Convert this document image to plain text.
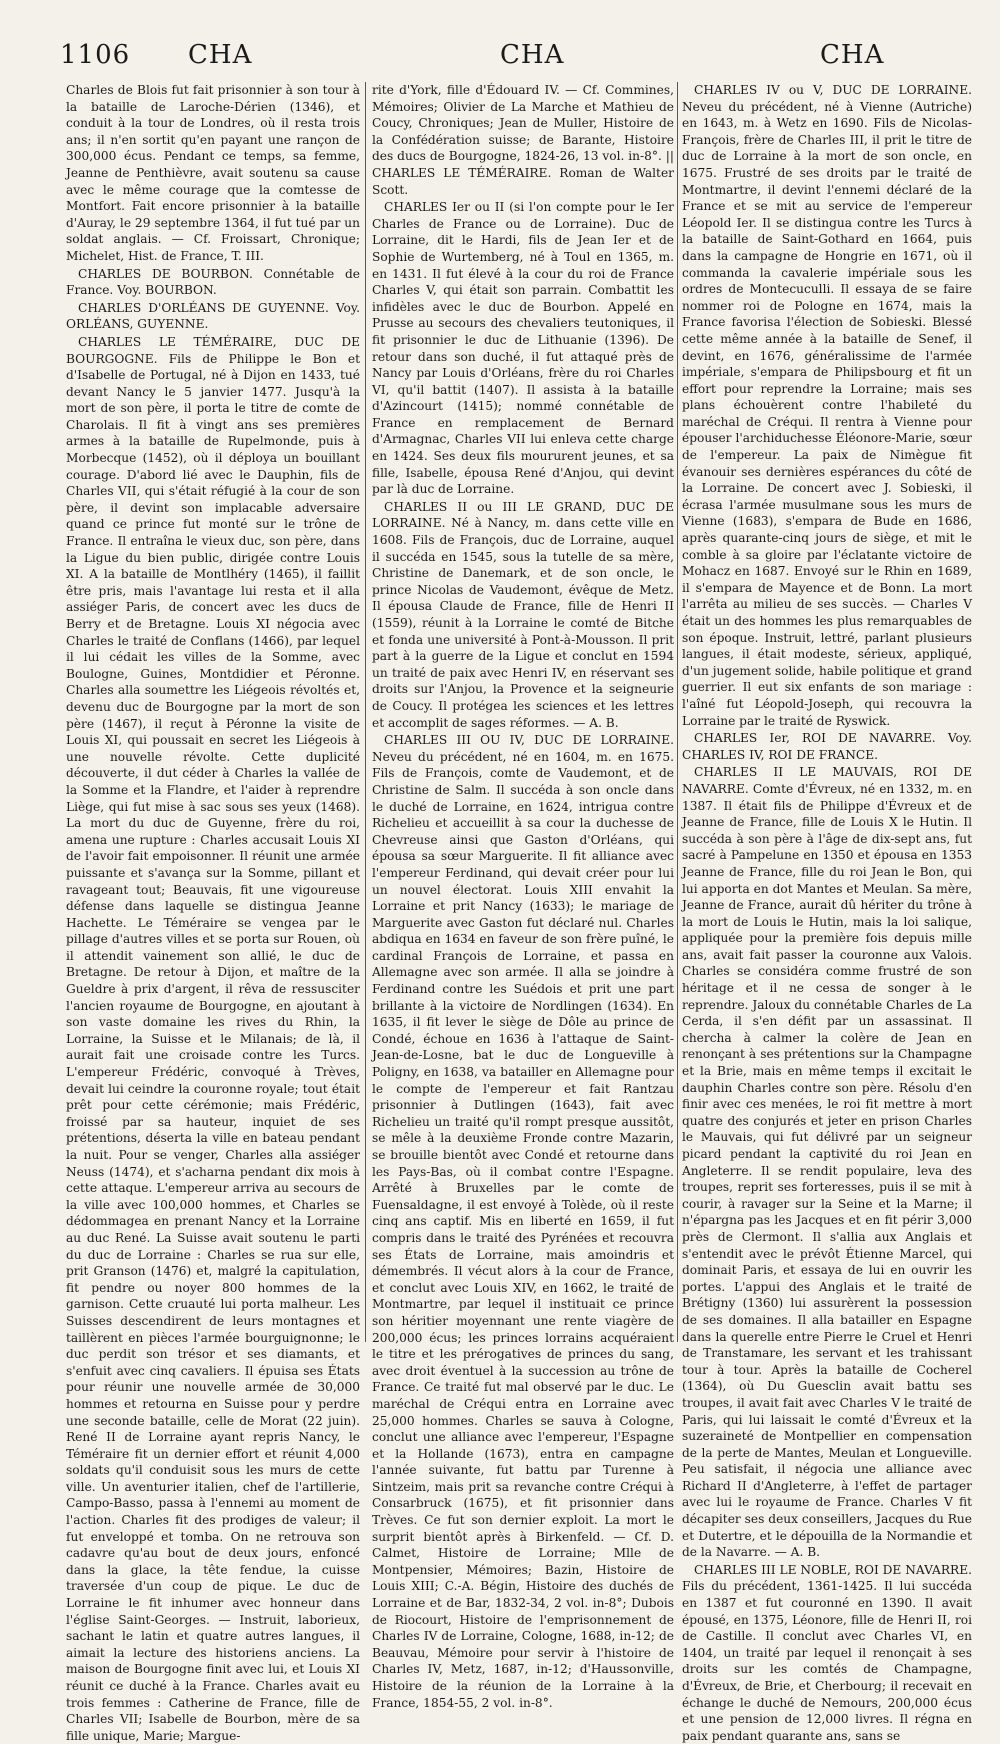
1106 CHA	CHA	CHA

Charles de Blois fut fait prisonnier à son tour à la bataille de Laroche-Dérien (1346), et conduit à la tour de Londres, où il resta trois ans; il n'en sortit qu'en payant une rançon de 300,000 écus. Pendant ce temps, sa femme, Jeanne de Penthièvre, avait soutenu sa cause avec le même courage que la comtesse de Montfort. Fait encore prisonnier à la bataille d'Auray, le 29 septembre 1364, il fut tué par un soldat anglais. — Cf. Froissart, Chronique; Michelet, Hist. de France, T. III.

CHARLES DE BOURBON. Connétable de France. Voy. BOURBON.

CHARLES D'ORLÉANS DE GUYENNE. Voy. ORLÉANS, GUYENNE.

CHARLES LE TÉMÉRAIRE, DUC DE BOURGOGNE. Fils de Philippe le Bon et d'Isabelle de Portugal, né à Dijon en 1433, tué devant Nancy le 5 janvier 1477. Jusqu'à la mort de son père, il porta le titre de comte de Charolais. Il fit à vingt ans ses premières armes à la bataille de Rupelmonde, puis à Morbecque (1452), où il déploya un bouillant courage. D'abord lié avec le Dauphin, fils de Charles VII, qui s'était réfugié à la cour de son père, il devint son implacable adversaire quand ce prince fut monté sur le trône de France. Il entraîna le vieux duc, son père, dans la Ligue du bien public, dirigée contre Louis XI. A la bataille de Montlhéry (1465), il faillit être pris, mais l'avantage lui resta et il alla assiéger Paris, de concert avec les ducs de Berry et de Bretagne. Louis XI négocia avec Charles le traité de Conflans (1466), par lequel il lui cédait les villes de la Somme, avec Boulogne, Guines, Montdidier et Péronne. Charles alla soumettre les Liégeois révoltés et, devenu duc de Bourgogne par la mort de son père (1467), il reçut à Péronne la visite de Louis XI, qui poussait en secret les Liégeois à une nouvelle révolte. Cette duplicité découverte, il dut céder à Charles la vallée de la Somme et la Flandre, et l'aider à reprendre Liège, qui fut mise à sac sous ses yeux (1468). La mort du duc de Guyenne, frère du roi, amena une rupture : Charles accusait Louis XI de l'avoir fait empoisonner. Il réunit une armée puissante et s'avança sur la Somme, pillant et ravageant tout; Beauvais, fit une vigoureuse défense dans laquelle se distingua Jeanne Hachette. Le Téméraire se vengea par le pillage d'autres villes et se porta sur Rouen, où il attendit vainement son allié, le duc de Bretagne. De retour à Dijon, et maître de la Gueldre à prix d'argent, il rêva de ressusciter l'ancien royaume de Bourgogne, en ajoutant à son vaste domaine les rives du Rhin, la Lorraine, la Suisse et le Milanais; de là, il aurait fait une croisade contre les Turcs. L'empereur Frédéric, convoqué à Trèves, devait lui ceindre la couronne royale; tout était prêt pour cette cérémonie; mais Frédéric, froissé par sa hauteur, inquiet de ses prétentions, déserta la ville en bateau pendant la nuit. Pour se venger, Charles alla assiéger Neuss (1474), et s'acharna pendant dix mois à cette attaque. L'empereur arriva au secours de la ville avec 100,000 hommes, et Charles se dédommagea en prenant Nancy et la Lorraine au duc René. La Suisse avait soutenu le parti du duc de Lorraine : Charles se rua sur elle, prit Granson (1476) et, malgré la capitulation, fit pendre ou noyer 800 hommes de la garnison. Cette cruauté lui porta malheur. Les Suisses descendirent de leurs montagnes et taillèrent en pièces l'armée bourguignonne; le duc perdit son trésor et ses diamants, et s'enfuit avec cinq cavaliers. Il épuisa ses États pour réunir une nouvelle armée de 30,000 hommes et retourna en Suisse pour y perdre une seconde bataille, celle de Morat (22 juin). René II de Lorraine ayant repris Nancy, le Téméraire fit un dernier effort et réunit 4,000 soldats qu'il conduisit sous les murs de cette ville. Un aventurier italien, chef de l'artillerie, Campo-Basso, passa à l'ennemi au moment de l'action. Charles fit des prodiges de valeur; il fut enveloppé et tomba. On ne retrouva son cadavre qu'au bout de deux jours, enfoncé dans la glace, la tête fendue, la cuisse traversée d'un coup de pique. Le duc de Lorraine le fit inhumer avec honneur dans l'église Saint-Georges. — Instruit, laborieux, sachant le latin et quatre autres langues, il aimait la lecture des historiens anciens. La maison de Bourgogne finit avec lui, et Louis XI réunit ce duché à la France. Charles avait eu trois femmes : Catherine de France, fille de Charles VII; Isabelle de Bourbon, mère de sa fille unique, Marie; Margue-

rite d'York, fille d'Édouard IV. — Cf. Commines, Mémoires; Olivier de La Marche et Mathieu de Coucy, Chroniques; Jean de Muller, Histoire de la Confédération suisse; de Barante, Histoire des ducs de Bourgogne, 1824-26, 13 vol. in-8°. || CHARLES LE TÉMÉRAIRE. Roman de Walter Scott.

CHARLES Ier ou II (si l'on compte pour le Ier Charles de France ou de Lorraine). Duc de Lorraine, dit le Hardi, fils de Jean Ier et de Sophie de Wurtemberg, né à Toul en 1365, m. en 1431. Il fut élevé à la cour du roi de France Charles V, qui était son parrain. Combattit les infidèles avec le duc de Bourbon. Appelé en Prusse au secours des chevaliers teutoniques, il fit prisonnier le duc de Lithuanie (1396). De retour dans son duché, il fut attaqué près de Nancy par Louis d'Orléans, frère du roi Charles VI, qu'il battit (1407). Il assista à la bataille d'Azincourt (1415); nommé connétable de France en remplacement de Bernard d'Armagnac, Charles VII lui enleva cette charge en 1424. Ses deux fils moururent jeunes, et sa fille, Isabelle, épousa René d'Anjou, qui devint par là duc de Lorraine.

CHARLES II ou III LE GRAND, DUC DE LORRAINE. Né à Nancy, m. dans cette ville en 1608. Fils de François, duc de Lorraine, auquel il succéda en 1545, sous la tutelle de sa mère, Christine de Danemark, et de son oncle, le prince Nicolas de Vaudemont, évêque de Metz. Il épousa Claude de France, fille de Henri II (1559), réunit à la Lorraine le comté de Bitche et fonda une université à Pont-à-Mousson. Il prit part à la guerre de la Ligue et conclut en 1594 un traité de paix avec Henri IV, en réservant ses droits sur l'Anjou, la Provence et la seigneurie de Coucy. Il protégea les sciences et les lettres et accomplit de sages réformes. — A. B.

CHARLES III OU IV, DUC DE LORRAINE. Neveu du précédent, né en 1604, m. en 1675. Fils de François, comte de Vaudemont, et de Christine de Salm. Il succéda à son oncle dans le duché de Lorraine, en 1624, intrigua contre Richelieu et accueillit à sa cour la duchesse de Chevreuse ainsi que Gaston d'Orléans, qui épousa sa sœur Marguerite. Il fit alliance avec l'empereur Ferdinand, qui devait créer pour lui un nouvel électorat. Louis XIII envahit la Lorraine et prit Nancy (1633); le mariage de Marguerite avec Gaston fut déclaré nul. Charles abdiqua en 1634 en faveur de son frère puîné, le cardinal François de Lorraine, et passa en Allemagne avec son armée. Il alla se joindre à Ferdinand contre les Suédois et prit une part brillante à la victoire de Nordlingen (1634). En 1635, il fit lever le siège de Dôle au prince de Condé, échoue en 1636 à l'attaque de Saint-Jean-de-Losne, bat le duc de Longueville à Poligny, en 1638, va batailler en Allemagne pour le compte de l'empereur et fait Rantzau prisonnier à Dutlingen (1643), fait avec Richelieu un traité qu'il rompt presque aussitôt, se mêle à la deuxième Fronde contre Mazarin, se brouille bientôt avec Condé et retourne dans les Pays-Bas, où il combat contre l'Espagne. Arrêté à Bruxelles par le comte de Fuensaldagne, il est envoyé à Tolède, où il reste cinq ans captif. Mis en liberté en 1659, il fut compris dans le traité des Pyrénées et recouvra ses États de Lorraine, mais amoindris et démembrés. Il vécut alors à la cour de France, et conclut avec Louis XIV, en 1662, le traité de Montmartre, par lequel il instituait ce prince son héritier moyennant une rente viagère de 200,000 écus; les princes lorrains acquéraient le titre et les prérogatives de princes du sang, avec droit éventuel à la succession au trône de France. Ce traité fut mal observé par le duc. Le maréchal de Créqui entra en Lorraine avec 25,000 hommes. Charles se sauva à Cologne, conclut une alliance avec l'empereur, l'Espagne et la Hollande (1673), entra en campagne l'année suivante, fut battu par Turenne à Sintzeim, mais prit sa revanche contre Créqui à Consarbruck (1675), et fit prisonnier dans Trèves. Ce fut son dernier exploit. La mort le surprit bientôt après à Birkenfeld. — Cf. D. Calmet, Histoire de Lorraine; Mlle de Montpensier, Mémoires; Bazin, Histoire de Louis XIII; C.-A. Bégin, Histoire des duchés de Lorraine et de Bar, 1832-34, 2 vol. in-8°; Dubois de Riocourt, Histoire de l'emprisonnement de Charles IV de Lorraine, Cologne, 1688, in-12; de Beauvau, Mémoire pour servir à l'histoire de Charles IV, Metz, 1687, in-12; d'Haussonville, Histoire de la réunion de la Lorraine à la France, 1854-55, 2 vol. in-8°.

CHARLES IV ou V, DUC DE LORRAINE. Neveu du précédent, né à Vienne (Autriche) en 1643, m. à Wetz en 1690. Fils de Nicolas-François, frère de Charles III, il prit le titre de duc de Lorraine à la mort de son oncle, en 1675. Frustré de ses droits par le traité de Montmartre, il devint l'ennemi déclaré de la France et se mit au service de l'empereur Léopold Ier. Il se distingua contre les Turcs à la bataille de Saint-Gothard en 1664, puis dans la campagne de Hongrie en 1671, où il commanda la cavalerie impériale sous les ordres de Montecuculli. Il essaya de se faire nommer roi de Pologne en 1674, mais la France favorisa l'élection de Sobieski. Blessé cette même année à la bataille de Senef, il devint, en 1676, généralissime de l'armée impériale, s'empara de Philipsbourg et fit un effort pour reprendre la Lorraine; mais ses plans échouèrent contre l'habileté du maréchal de Créqui. Il rentra à Vienne pour épouser l'archiduchesse Éléonore-Marie, sœur de l'empereur. La paix de Nimègue fit évanouir ses dernières espérances du côté de la Lorraine. De concert avec J. Sobieski, il écrasa l'armée musulmane sous les murs de Vienne (1683), s'empara de Bude en 1686, après quarante-cinq jours de siège, et mit le comble à sa gloire par l'éclatante victoire de Mohacz en 1687. Envoyé sur le Rhin en 1689, il s'empara de Mayence et de Bonn. La mort l'arrêta au milieu de ses succès. — Charles V était un des hommes les plus remarquables de son époque. Instruit, lettré, parlant plusieurs langues, il était modeste, sérieux, appliqué, d'un jugement solide, habile politique et grand guerrier. Il eut six enfants de son mariage : l'aîné fut Léopold-Joseph, qui recouvra la Lorraine par le traité de Ryswick.

CHARLES Ier, ROI DE NAVARRE. Voy. CHARLES IV, ROI DE FRANCE.

CHARLES II LE MAUVAIS, ROI DE NAVARRE. Comte d'Évreux, né en 1332, m. en 1387. Il était fils de Philippe d'Évreux et de Jeanne de France, fille de Louis X le Hutin. Il succéda à son père à l'âge de dix-sept ans, fut sacré à Pampelune en 1350 et épousa en 1353 Jeanne de France, fille du roi Jean le Bon, qui lui apporta en dot Mantes et Meulan. Sa mère, Jeanne de France, aurait dû hériter du trône à la mort de Louis le Hutin, mais la loi salique, appliquée pour la première fois depuis mille ans, avait fait passer la couronne aux Valois. Charles se considéra comme frustré de son héritage et il ne cessa de songer à le reprendre. Jaloux du connétable Charles de La Cerda, il s'en défit par un assassinat. Il chercha à calmer la colère de Jean en renonçant à ses prétentions sur la Champagne et la Brie, mais en même temps il excitait le dauphin Charles contre son père. Résolu d'en finir avec ces menées, le roi fit mettre à mort quatre des conjurés et jeter en prison Charles le Mauvais, qui fut délivré par un seigneur picard pendant la captivité du roi Jean en Angleterre. Il se rendit populaire, leva des troupes, reprit ses forteresses, puis il se mit à courir, à ravager sur la Seine et la Marne; il n'épargna pas les Jacques et en fit périr 3,000 près de Clermont. Il s'allia aux Anglais et s'entendit avec le prévôt Étienne Marcel, qui dominait Paris, et essaya de lui en ouvrir les portes. L'appui des Anglais et le traité de Brétigny (1360) lui assurèrent la possession de ses domaines. Il alla batailler en Espagne dans la querelle entre Pierre le Cruel et Henri de Transtamare, les servant et les trahissant tour à tour. Après la bataille de Cocherel (1364), où Du Guesclin avait battu ses troupes, il avait fait avec Charles V le traité de Paris, qui lui laissait le comté d'Évreux et la suzeraineté de Montpellier en compensation de la perte de Mantes, Meulan et Longueville. Peu satisfait, il négocia une alliance avec Richard II d'Angleterre, à l'effet de partager avec lui le royaume de France. Charles V fit décapiter ses deux conseillers, Jacques du Rue et Dutertre, et le dépouilla de la Normandie et de la Navarre. — A. B.

CHARLES III LE NOBLE, ROI DE NAVARRE. Fils du précédent, 1361-1425. Il lui succéda en 1387 et fut couronné en 1390. Il avait épousé, en 1375, Léonore, fille de Henri II, roi de Castille. Il conclut avec Charles VI, en 1404, un traité par lequel il renonçait à ses droits sur les comtés de Champagne, d'Évreux, de Brie, et Cherbourg; il recevait en échange le duché de Nemours, 200,000 écus et une pension de 12,000 livres. Il régna en paix pendant quarante ans, sans se
